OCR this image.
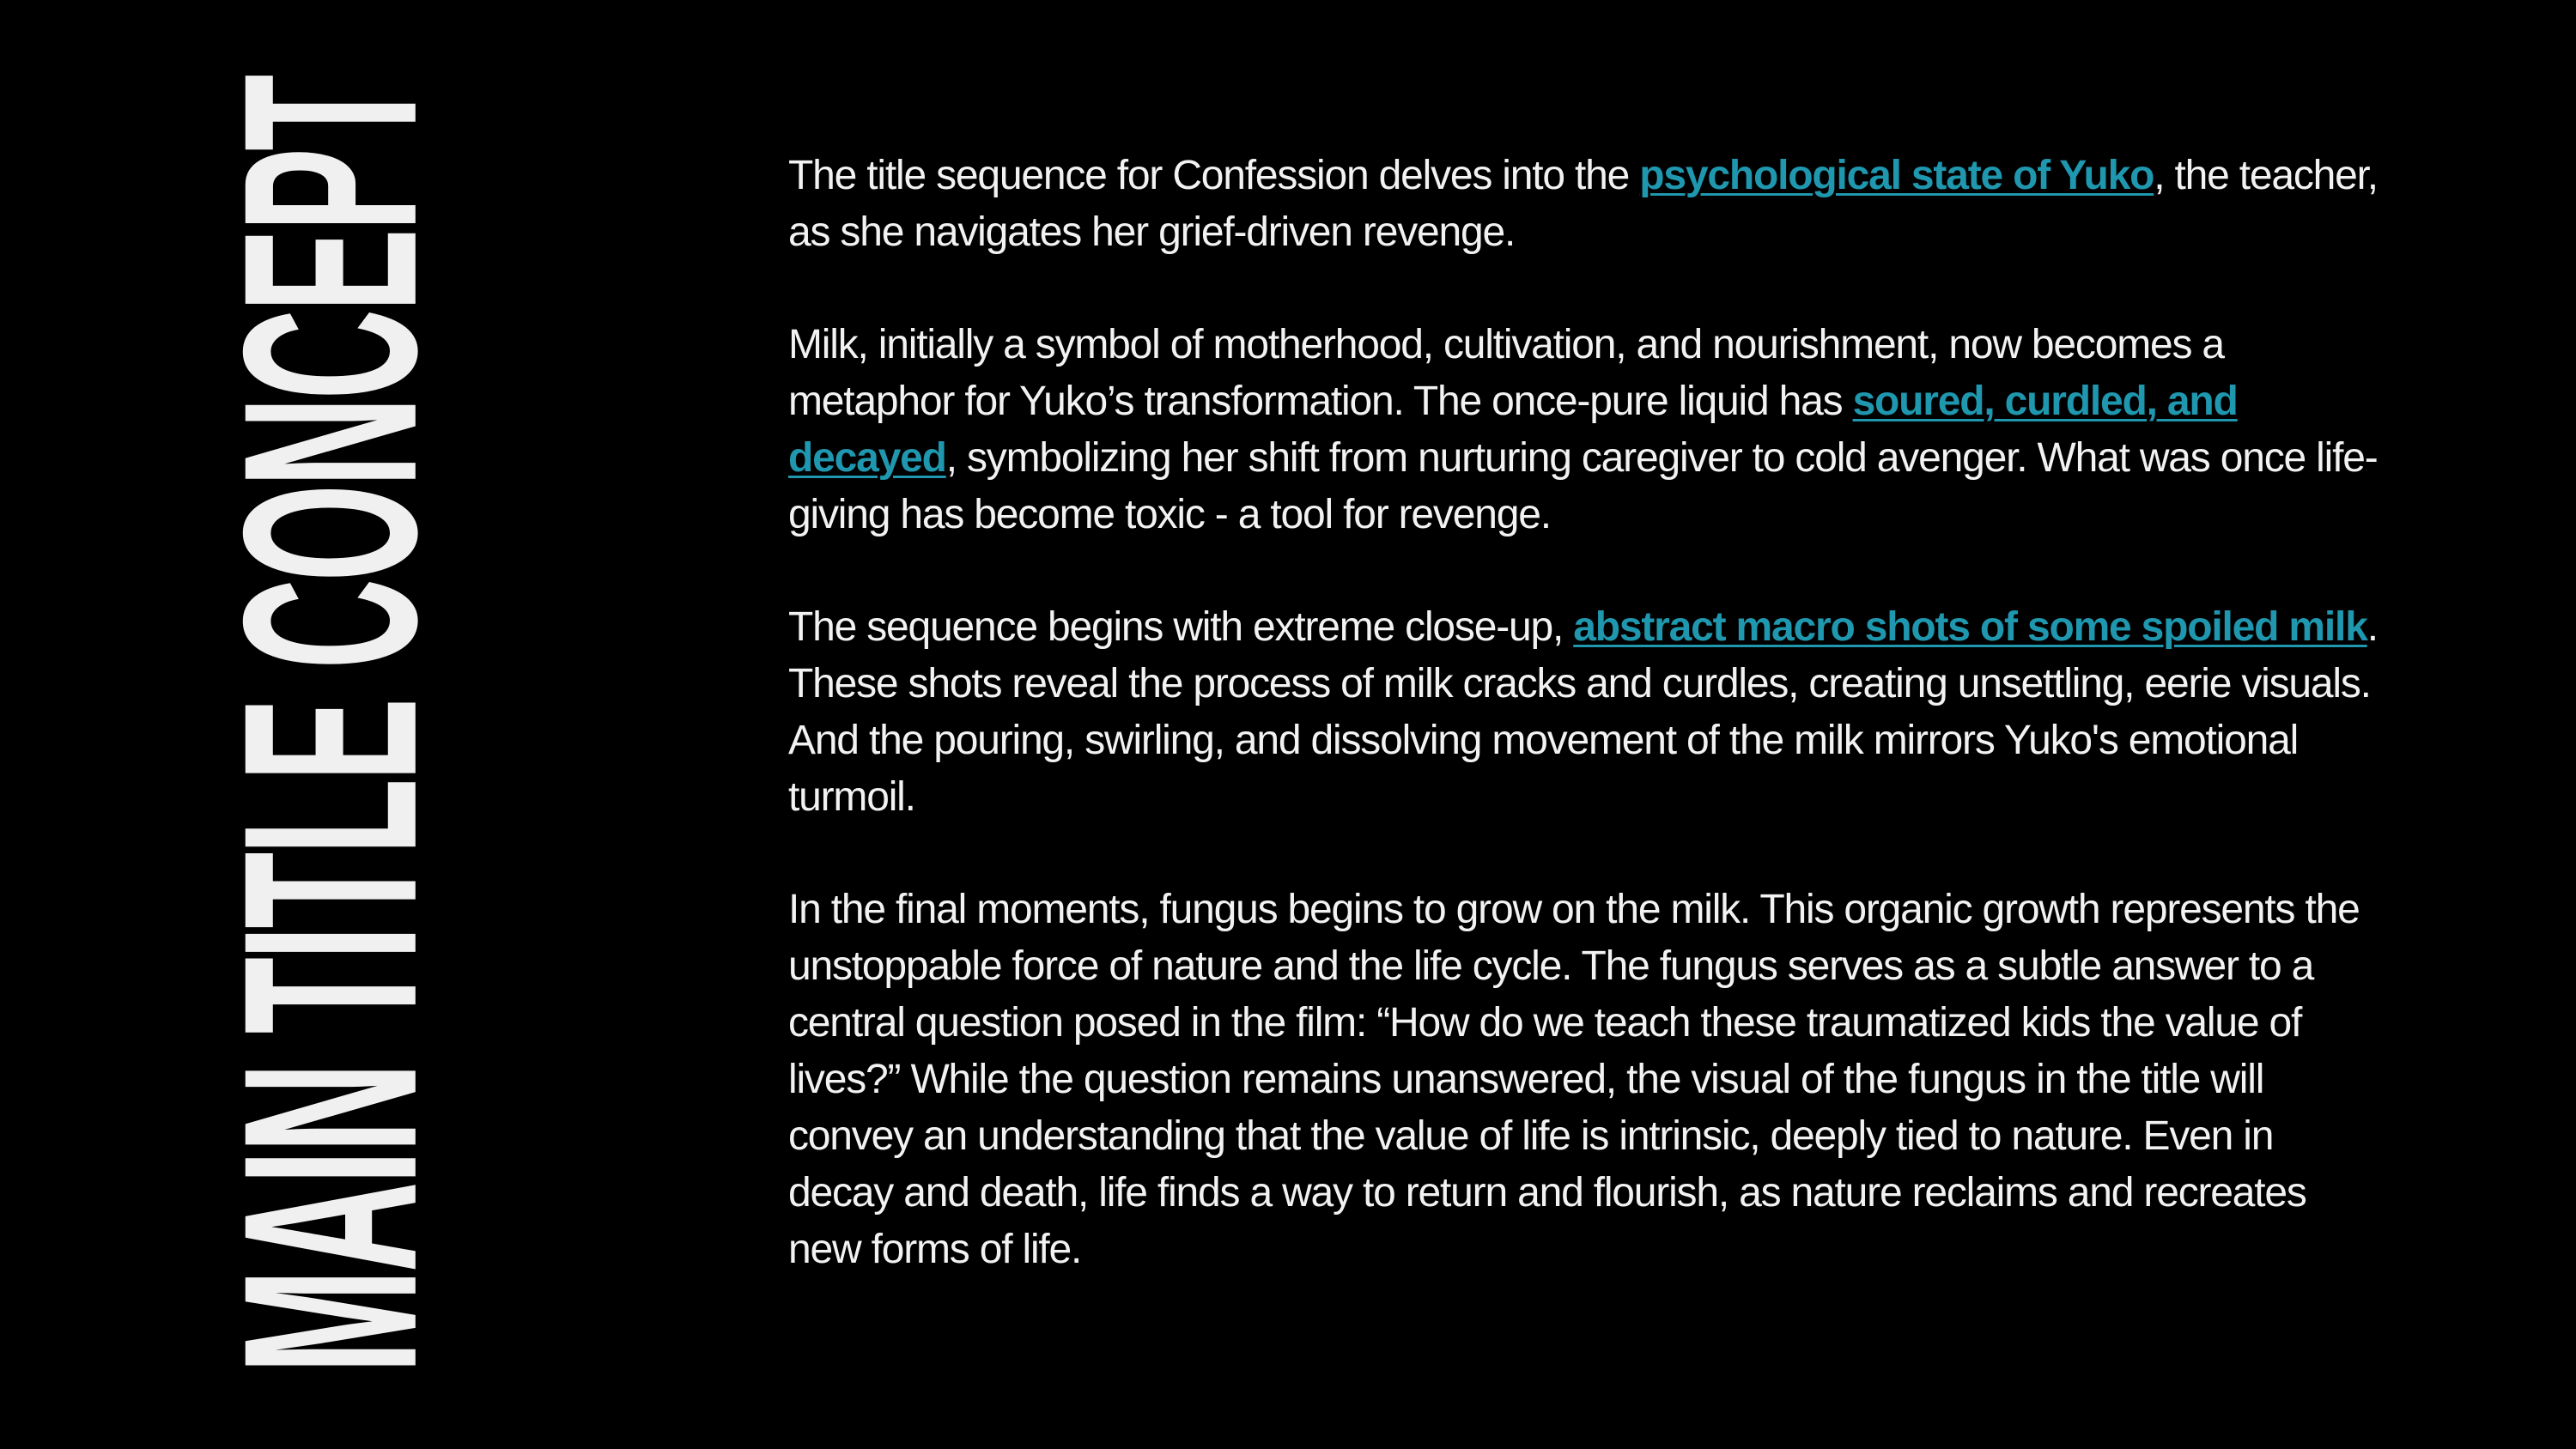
MAIN TITLE CONCEPT	The title sequence for Confession delves into the psychological state of Yuko, the teacher, as she navigates her grief-driven revenge.

Milk, initially a symbol of motherhood, cultivation, and nourishment, now becomes a metaphor for Yuko’s transformation. The once-pure liquid has soured, curdled, and decayed, symbolizing her shift from nurturing caregiver to cold avenger. What was once life-giving has become toxic - a tool for revenge.

The sequence begins with extreme close-up, abstract macro shots of some spoiled milk. These shots reveal the process of milk cracks and curdles, creating unsettling, eerie visuals. And the pouring, swirling, and dissolving movement of the milk mirrors Yuko's emotional turmoil.

In the final moments, fungus begins to grow on the milk. This organic growth represents the unstoppable force of nature and the life cycle. The fungus serves as a subtle answer to a central question posed in the film: “How do we teach these traumatized kids the value of lives?” While the question remains unanswered, the visual of the fungus in the title will convey an understanding that the value of life is intrinsic, deeply tied to nature. Even in decay and death, life finds a way to return and flourish, as nature reclaims and recreates new forms of life.
